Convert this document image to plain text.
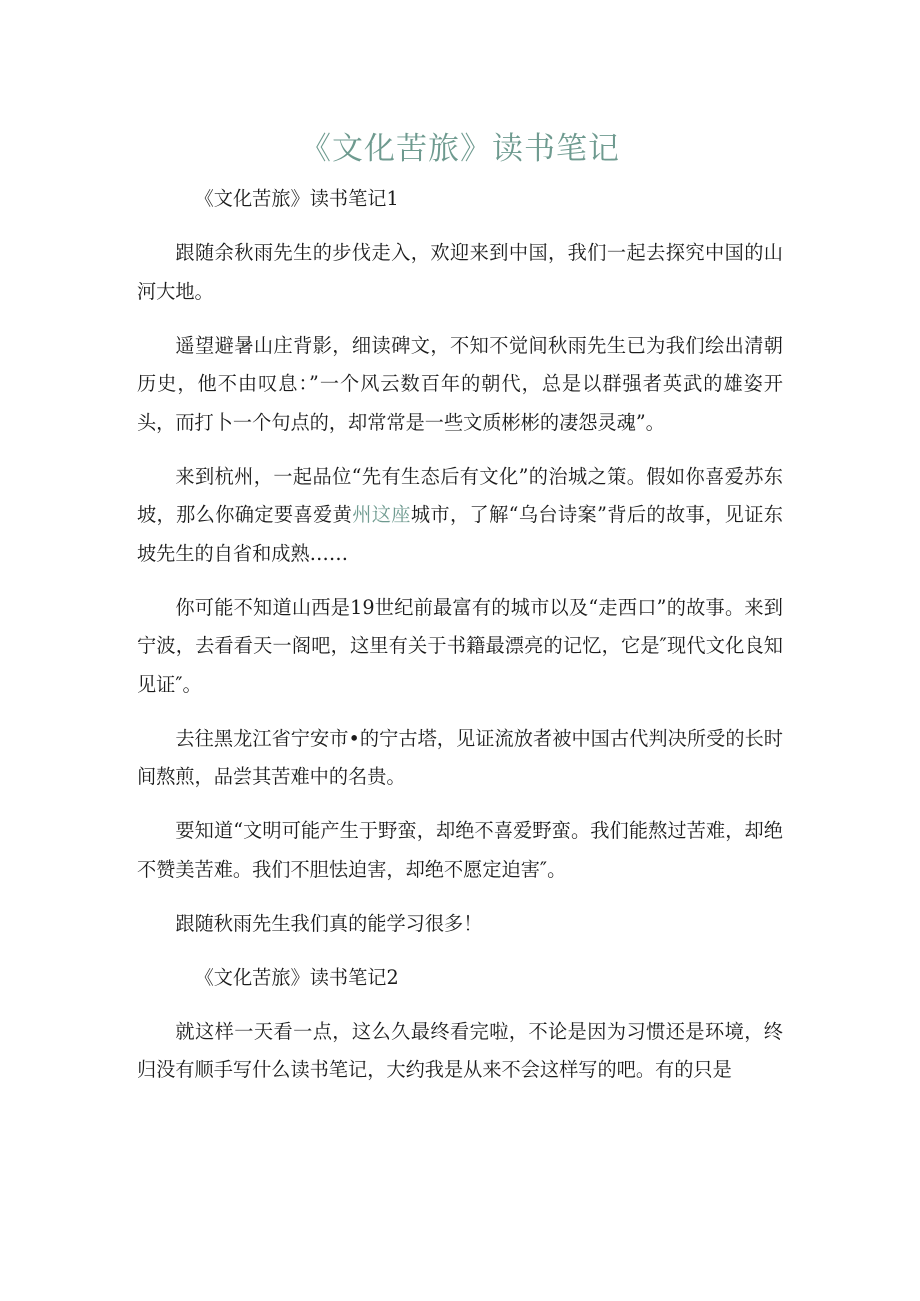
《文化苦旅》读书笔记

《文化苦旅》读书笔记1

跟随余秋雨先生的步伐走入，欢迎来到中国，我们一起去探究中国的山河大地。

遥望避暑山庄背影，细读碑文，不知不觉间秋雨先生已为我们绘出清朝历史，他不由叹息：”一个风云数百年的朝代，总是以群强者英武的雄姿开头，而打卜一个句点的，却常常是一些文质彬彬的凄怨灵魂”。

来到杭州，一起品位“先有生态后有文化”的治城之策。假如你喜爱苏东坡，那么你确定要喜爱黄州这座城市，了解“乌台诗案”背后的故事，见证东坡先生的自省和成熟……

你可能不知道山西是19世纪前最富有的城市以及“走西口”的故事。来到宁波，去看看天一阁吧，这里有关于书籍最漂亮的记忆，它是″现代文化良知见证″。

去往黑龙江省宁安市•的宁古塔，见证流放者被中国古代判决所受的长时间熬煎，品尝其苦难中的名贵。

要知道“文明可能产生于野蛮，却绝不喜爱野蛮。我们能熬过苦难，却绝不赞美苦难。我们不胆怯迫害，却绝不愿定迫害″。

跟随秋雨先生我们真的能学习很多！

《文化苦旅》读书笔记2

就这样一天看一点，这么久最终看完啦，不论是因为习惯还是环境，终归没有顺手写什么读书笔记，大约我是从来不会这样写的吧。有的只是
